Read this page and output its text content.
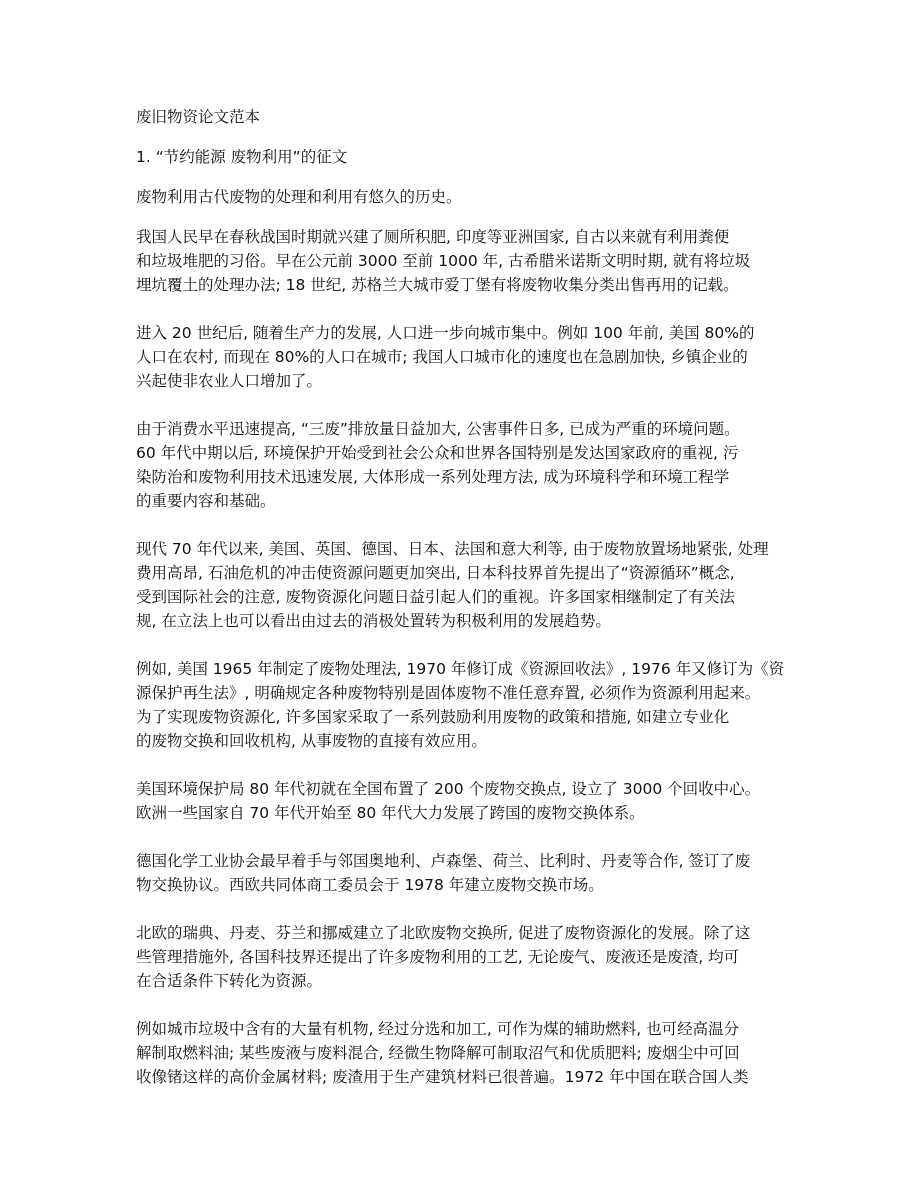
废旧物资论文范本
1. “节约能源 废物利用”的征文
废物利用古代废物的处理和利用有悠久的历史。
我国人民早在春秋战国时期就兴建了厕所积肥, 印度等亚洲国家, 自古以来就有利用粪便
和垃圾堆肥的习俗。早在公元前 3000 至前 1000 年, 古希腊米诺斯文明时期, 就有将垃圾
埋坑覆土的处理办法; 18 世纪, 苏格兰大城市爱丁堡有将废物收集分类出售再用的记载。
进入 20 世纪后, 随着生产力的发展, 人口进一步向城市集中。例如 100 年前, 美国 80%的
人口在农村, 而现在 80%的人口在城市; 我国人口城市化的速度也在急剧加快, 乡镇企业的
兴起使非农业人口增加了。
由于消费水平迅速提高, “三废”排放量日益加大, 公害事件日多, 已成为严重的环境问题。
60 年代中期以后, 环境保护开始受到社会公众和世界各国特别是发达国家政府的重视, 污
染防治和废物利用技术迅速发展, 大体形成一系列处理方法, 成为环境科学和环境工程学
的重要内容和基础。
现代 70 年代以来, 美国、英国、德国、日本、法国和意大利等, 由于废物放置场地紧张, 处理
费用高昂, 石油危机的冲击使资源问题更加突出, 日本科技界首先提出了“资源循环”概念,
受到国际社会的注意, 废物资源化问题日益引起人们的重视。许多国家相继制定了有关法
规, 在立法上也可以看出由过去的消极处置转为积极利用的发展趋势。
例如, 美国 1965 年制定了废物处理法, 1970 年修订成《资源回收法》, 1976 年又修订为《资
源保护再生法》, 明确规定各种废物特别是固体废物不准任意弃置, 必须作为资源利用起来。
为了实现废物资源化, 许多国家采取了一系列鼓励利用废物的政策和措施, 如建立专业化
的废物交换和回收机构, 从事废物的直接有效应用。
美国环境保护局 80 年代初就在全国布置了 200 个废物交换点, 设立了 3000 个回收中心。
欧洲一些国家自 70 年代开始至 80 年代大力发展了跨国的废物交换体系。
德国化学工业协会最早着手与邻国奥地利、卢森堡、荷兰、比利时、丹麦等合作, 签订了废
物交换协议。西欧共同体商工委员会于 1978 年建立废物交换市场。
北欧的瑞典、丹麦、芬兰和挪威建立了北欧废物交换所, 促进了废物资源化的发展。除了这
些管理措施外, 各国科技界还提出了许多废物利用的工艺, 无论废气、废液还是废渣, 均可
在合适条件下转化为资源。
例如城市垃圾中含有的大量有机物, 经过分选和加工, 可作为煤的辅助燃料, 也可经高温分
解制取燃料油; 某些废液与废料混合, 经微生物降解可制取沼气和优质肥料; 废烟尘中可回
收像锗这样的高价金属材料; 废渣用于生产建筑材料已很普遍。1972 年中国在联合国人类
